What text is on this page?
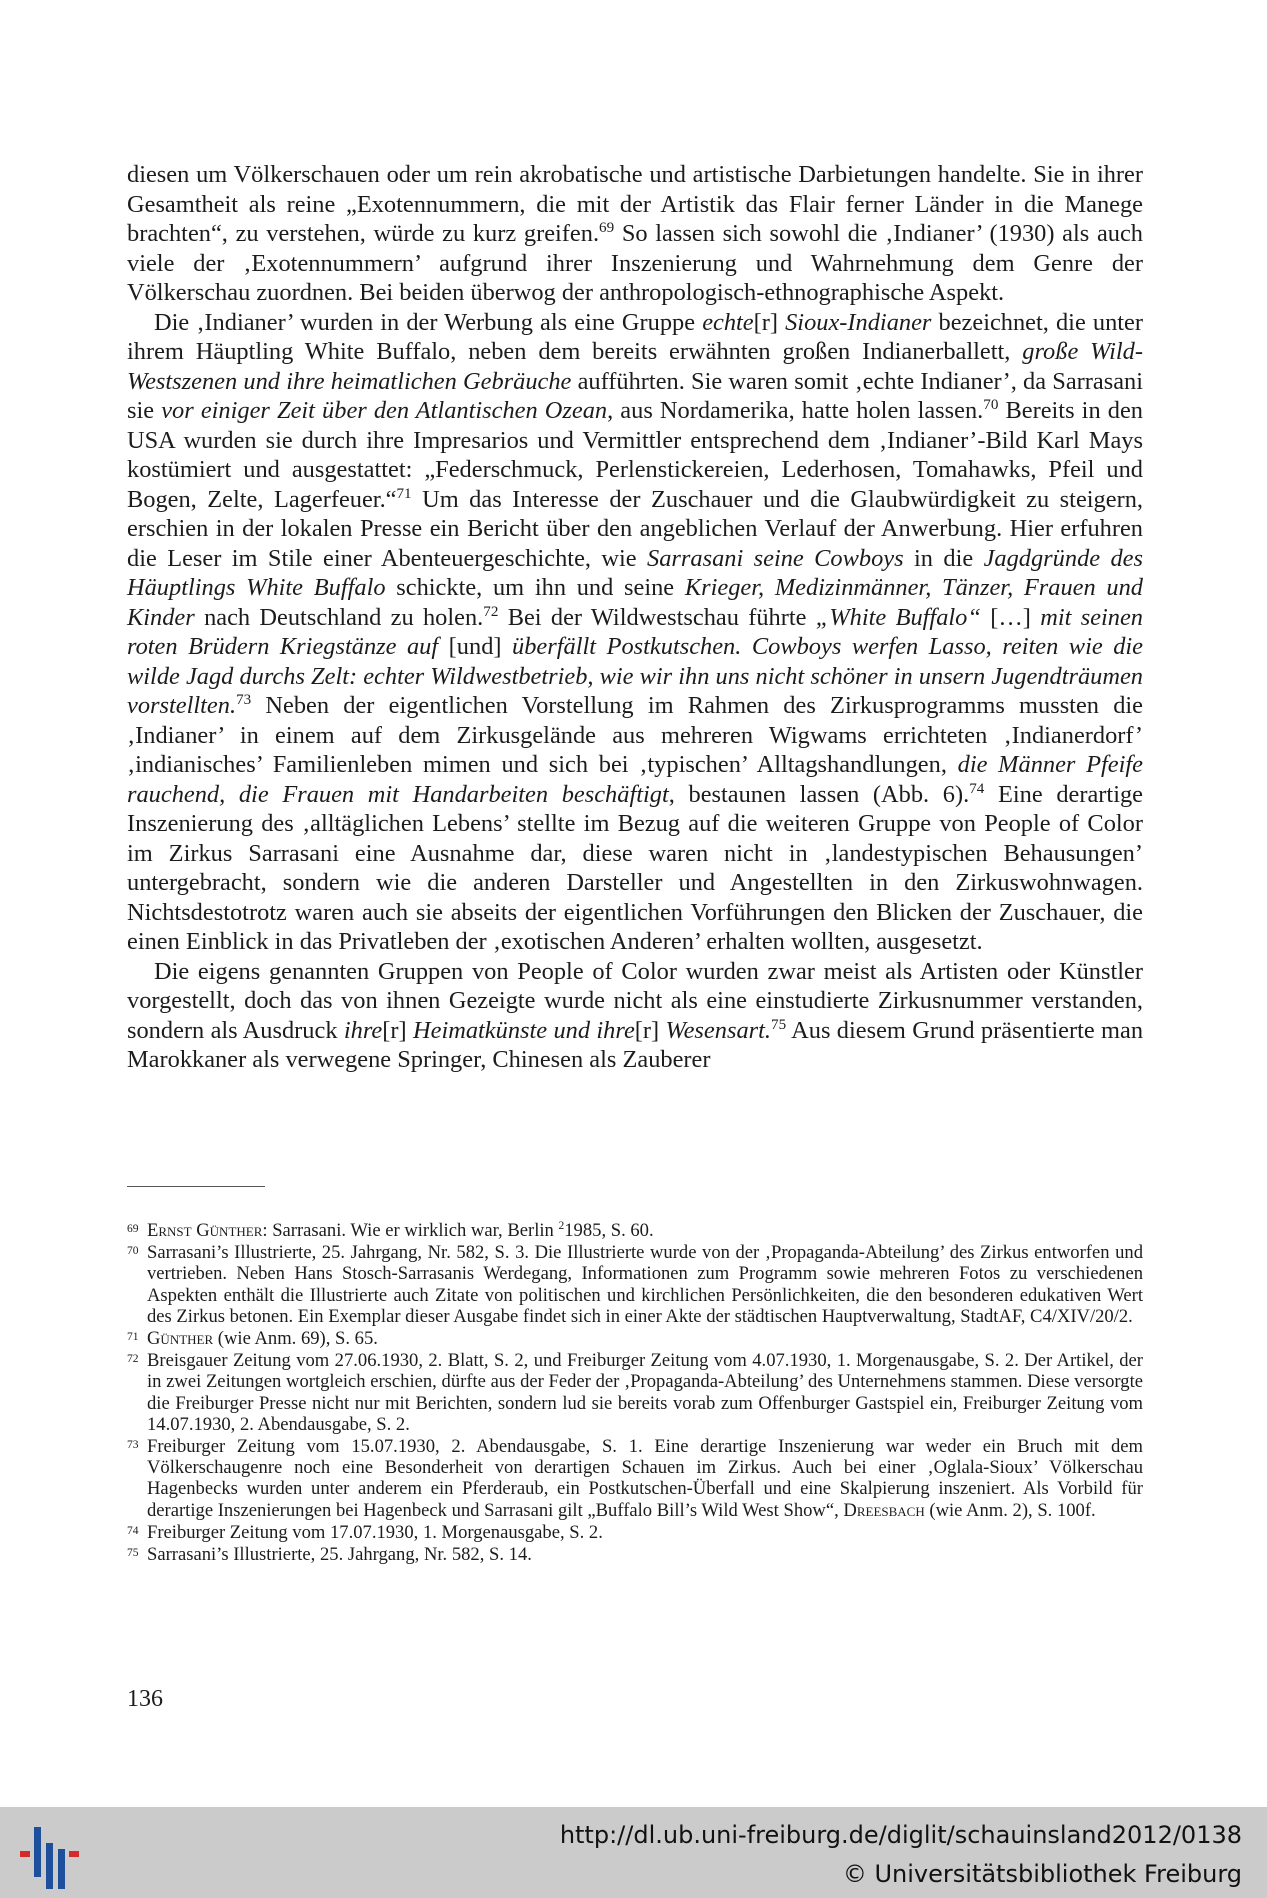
diesen um Völkerschauen oder um rein akrobatische und artistische Darbietungen handelte. Sie in ihrer Gesamtheit als reine „Exotennummern, die mit der Artistik das Flair ferner Länder in die Manege brachten“, zu verstehen, würde zu kurz greifen.$^{69}$ So lassen sich sowohl die ‚Indianer’ (1930) als auch viele der ‚Exotennummern’ aufgrund ihrer Inszenierung und Wahrnehmung dem Genre der Völkerschau zuordnen. Bei beiden überwog der anthropologisch-ethnographische Aspekt.

Die ‚Indianer’ wurden in der Werbung als eine Gruppe echte[r] Sioux-Indianer bezeichnet, die unter ihrem Häuptling White Buffalo, neben dem bereits erwähnten großen Indianerballett, große Wild-Westszenen und ihre heimatlichen Gebräuche aufführten. Sie waren somit ‚echte Indianer’, da Sarrasani sie vor einiger Zeit über den Atlantischen Ozean, aus Nordamerika, hatte holen lassen.$^{70}$ Bereits in den USA wurden sie durch ihre Impresarios und Vermittler entsprechend dem ‚Indianer’-Bild Karl Mays kostümiert und ausgestattet: „Federschmuck, Perlenstickereien, Lederhosen, Tomahawks, Pfeil und Bogen, Zelte, Lagerfeuer.“$^{71}$ Um das Interesse der Zuschauer und die Glaubwürdigkeit zu steigern, erschien in der lokalen Presse ein Bericht über den angeblichen Verlauf der Anwerbung. Hier erfuhren die Leser im Stile einer Abenteuergeschichte, wie Sarrasani seine Cowboys in die Jagdgründe des Häuptlings White Buffalo schickte, um ihn und seine Krieger, Medizinmänner, Tänzer, Frauen und Kinder nach Deutschland zu holen.$^{72}$ Bei der Wildwestschau führte „White Buffalo“ […] mit seinen roten Brüdern Kriegstänze auf [und] überfällt Postkutschen. Cowboys werfen Lasso, reiten wie die wilde Jagd durchs Zelt: echter Wildwestbetrieb, wie wir ihn uns nicht schöner in unsern Jugendträumen vorstellten.$^{73}$ Neben der eigentlichen Vorstellung im Rahmen des Zirkusprogramms mussten die ‚Indianer’ in einem auf dem Zirkusgelände aus mehreren Wigwams errichteten ‚Indianerdorf’ ‚indianisches’ Familienleben mimen und sich bei ‚typischen’ Alltagshandlungen, die Männer Pfeife rauchend, die Frauen mit Handarbeiten beschäftigt, bestaunen lassen (Abb. 6).$^{74}$ Eine derartige Inszenierung des ‚alltäglichen Lebens’ stellte im Bezug auf die weiteren Gruppe von People of Color im Zirkus Sarrasani eine Ausnahme dar, diese waren nicht in ‚landestypischen Behausungen’ untergebracht, sondern wie die anderen Darsteller und Angestellten in den Zirkuswohnwagen. Nichtsdestotrotz waren auch sie abseits der eigentlichen Vorführungen den Blicken der Zuschauer, die einen Einblick in das Privatleben der ‚exotischen Anderen’ erhalten wollten, ausgesetzt.

Die eigens genannten Gruppen von People of Color wurden zwar meist als Artisten oder Künstler vorgestellt, doch das von ihnen Gezeigte wurde nicht als eine einstudierte Zirkusnummer verstanden, sondern als Ausdruck ihre[r] Heimatkünste und ihre[r] Wesensart.$^{75}$ Aus diesem Grund präsentierte man Marokkaner als verwegene Springer, Chinesen als Zauberer

69 Ernst Günther: Sarrasani. Wie er wirklich war, Berlin $^2$1985, S. 60.
70 Sarrasani’s Illustrierte, 25. Jahrgang, Nr. 582, S. 3. Die Illustrierte wurde von der ‚Propaganda-Abteilung’ des Zirkus entworfen und vertrieben. Neben Hans Stosch-Sarrasanis Werdegang, Informationen zum Programm sowie mehreren Fotos zu verschiedenen Aspekten enthält die Illustrierte auch Zitate von politischen und kirchlichen Persönlichkeiten, die den besonderen edukativen Wert des Zirkus betonen. Ein Exemplar dieser Ausgabe findet sich in einer Akte der städtischen Hauptverwaltung, StadtAF, C4/XIV/20/2.
71 Günther (wie Anm. 69), S. 65.
72 Breisgauer Zeitung vom 27.06.1930, 2. Blatt, S. 2, und Freiburger Zeitung vom 4.07.1930, 1. Morgenausgabe, S. 2. Der Artikel, der in zwei Zeitungen wortgleich erschien, dürfte aus der Feder der ‚Propaganda-Abteilung’ des Unternehmens stammen. Diese versorgte die Freiburger Presse nicht nur mit Berichten, sondern lud sie bereits vorab zum Offenburger Gastspiel ein, Freiburger Zeitung vom 14.07.1930, 2. Abendausgabe, S. 2.
73 Freiburger Zeitung vom 15.07.1930, 2. Abendausgabe, S. 1. Eine derartige Inszenierung war weder ein Bruch mit dem Völkerschaugenre noch eine Besonderheit von derartigen Schauen im Zirkus. Auch bei einer ‚Oglala-Sioux’ Völkerschau Hagenbecks wurden unter anderem ein Pferderaub, ein Postkutschen-Überfall und eine Skalpierung inszeniert. Als Vorbild für derartige Inszenierungen bei Hagenbeck und Sarrasani gilt „Buffalo Bill’s Wild West Show“, Dreesbach (wie Anm. 2), S. 100f.
74 Freiburger Zeitung vom 17.07.1930, 1. Morgenausgabe, S. 2.
75 Sarrasani’s Illustrierte, 25. Jahrgang, Nr. 582, S. 14.
136
http://dl.ub.uni-freiburg.de/diglit/schauinsland2012/0138
© Universitätsbibliothek Freiburg
